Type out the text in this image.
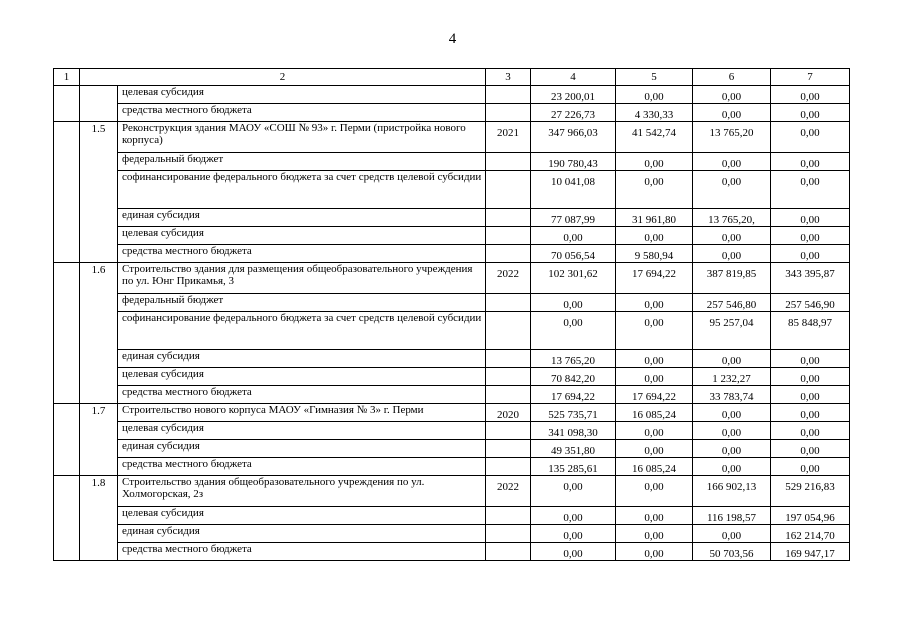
4
1	2		3	4	5	6	7
		целевая субсидия		23 200,01	0,00	0,00	0,00
		средства местного бюджета		27 226,73	4 330,33	0,00	0,00
	1.5	Реконструкция здания МАОУ «СОШ № 93» г. Перми (пристройка нового корпуса)	2021	347 966,03	41 542,74	13 765,20	0,00
		федеральный бюджет		190 780,43	0,00	0,00	0,00
		софинансирование федерального бюджета за счет средств целевой субсидии		10 041,08	0,00	0,00	0,00
		единая субсидия		77 087,99	31 961,80	13 765,20,	0,00
		целевая субсидия		0,00	0,00	0,00	0,00
		средства местного бюджета		70 056,54	9 580,94	0,00	0,00
	1.6	Строительство здания для размещения общеобразовательного учреждения по ул. Юнг Прикамья, 3	2022	102 301,62	17 694,22	387 819,85	343 395,87
		федеральный бюджет		0,00	0,00	257 546,80	257 546,90
		софинансирование федерального бюджета за счет средств целевой субсидии		0,00	0,00	95 257,04	85 848,97
		единая субсидия		13 765,20	0,00	0,00	0,00
		целевая субсидия		70 842,20	0,00	1 232,27	0,00
		средства местного бюджета		17 694,22	17 694,22	33 783,74	0,00
	1.7	Строительство нового корпуса МАОУ «Гимназия № 3» г. Перми	2020	525 735,71	16 085,24	0,00	0,00
		целевая субсидия		341 098,30	0,00	0,00	0,00
		единая субсидия		49 351,80	0,00	0,00	0,00
		средства местного бюджета		135 285,61	16 085,24	0,00	0,00
	1.8	Строительство здания общеобразовательного учреждения по ул. Холмогорская, 2з	2022	0,00	0,00	166 902,13	529 216,83
		целевая субсидия		0,00	0,00	116 198,57	197 054,96
		единая субсидия		0,00	0,00	0,00	162 214,70
		средства местного бюджета		0,00	0,00	50 703,56	169 947,17
